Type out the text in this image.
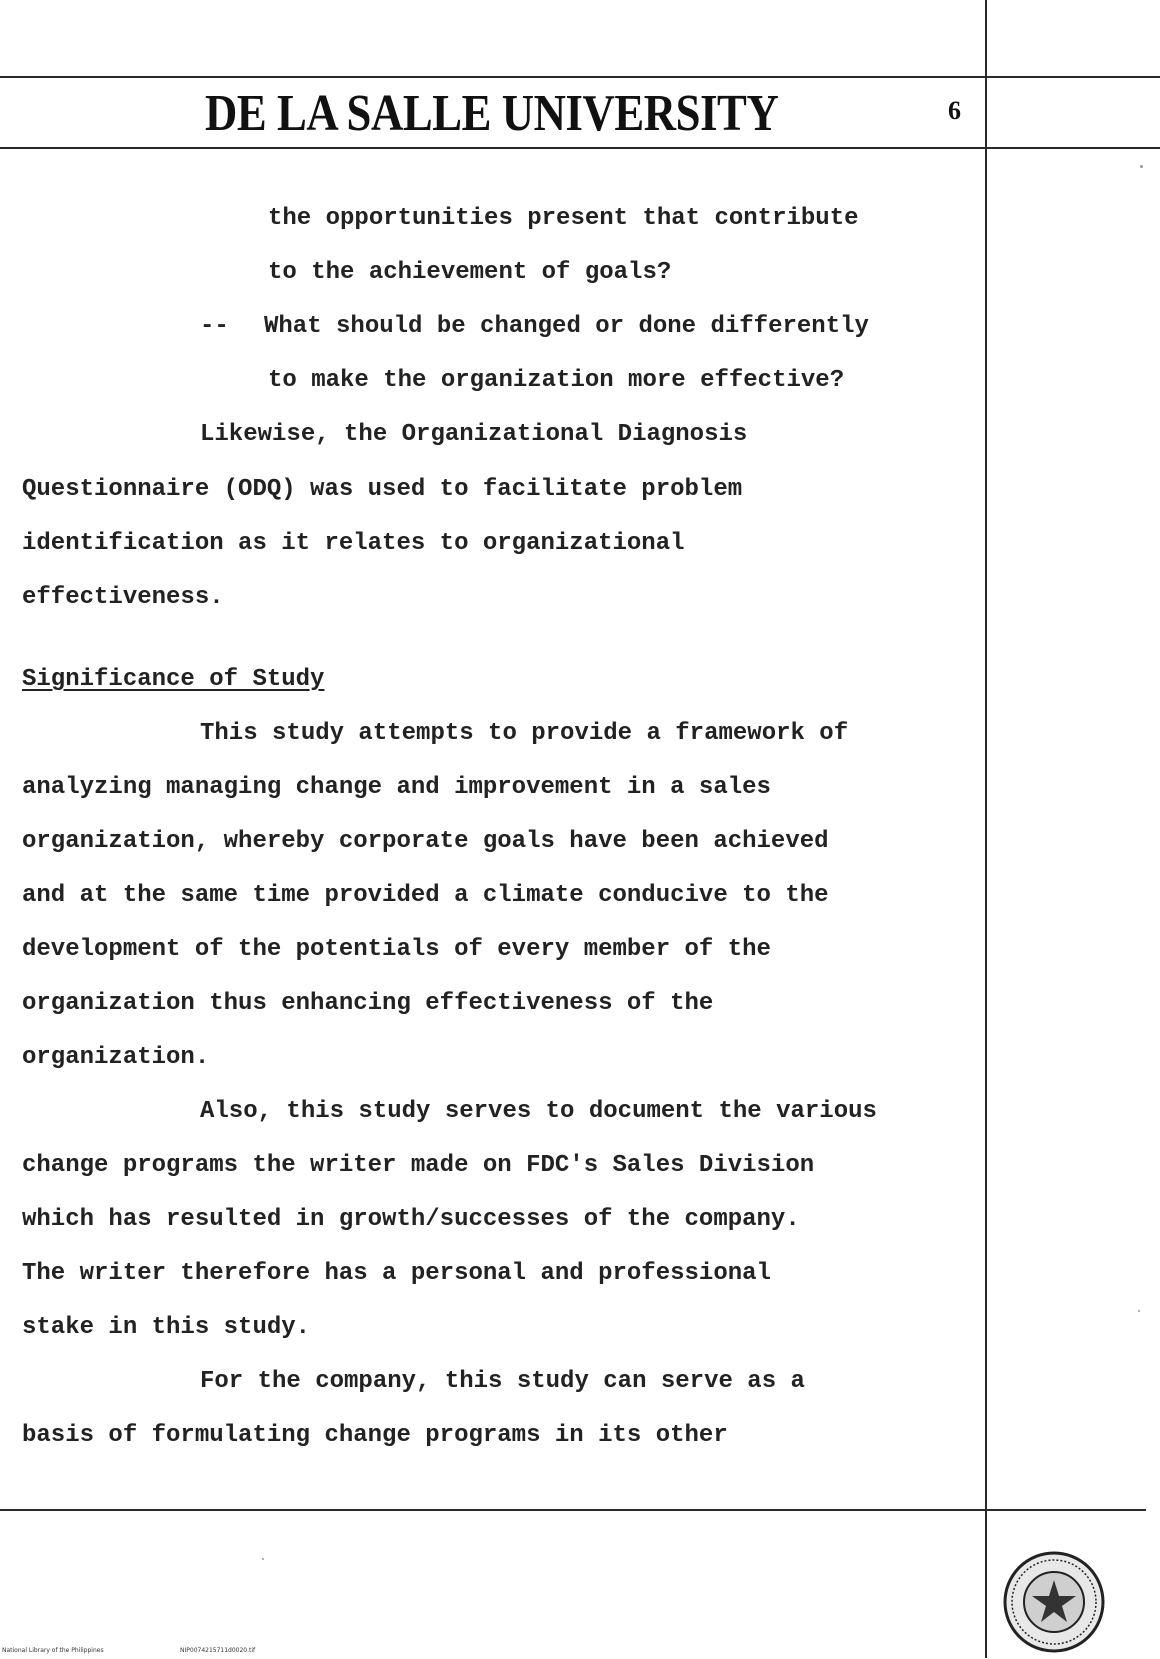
DE LA SALLE UNIVERSITY	6
the opportunities present that contribute
to the achievement of goals?
-- What should be changed or done differently
to make the organization more effective?
Likewise, the Organizational Diagnosis
Questionnaire (ODQ) was used to facilitate problem
identification as it relates to organizational
effectiveness.
Significance of Study
This study attempts to provide a framework of
analyzing managing change and improvement in a sales
organization, whereby corporate goals have been achieved
and at the same time provided a climate conducive to the
development of the potentials of every member of the
organization thus enhancing effectiveness of the
organization.
Also, this study serves to document the various
change programs the writer made on FDC's Sales Division
which has resulted in growth/successes of the company.
The writer therefore has a personal and professional
stake in this study.
For the company, this study can serve as a
basis of formulating change programs in its other
National Library of the Philippines	NIP0074215711d0020.tif
